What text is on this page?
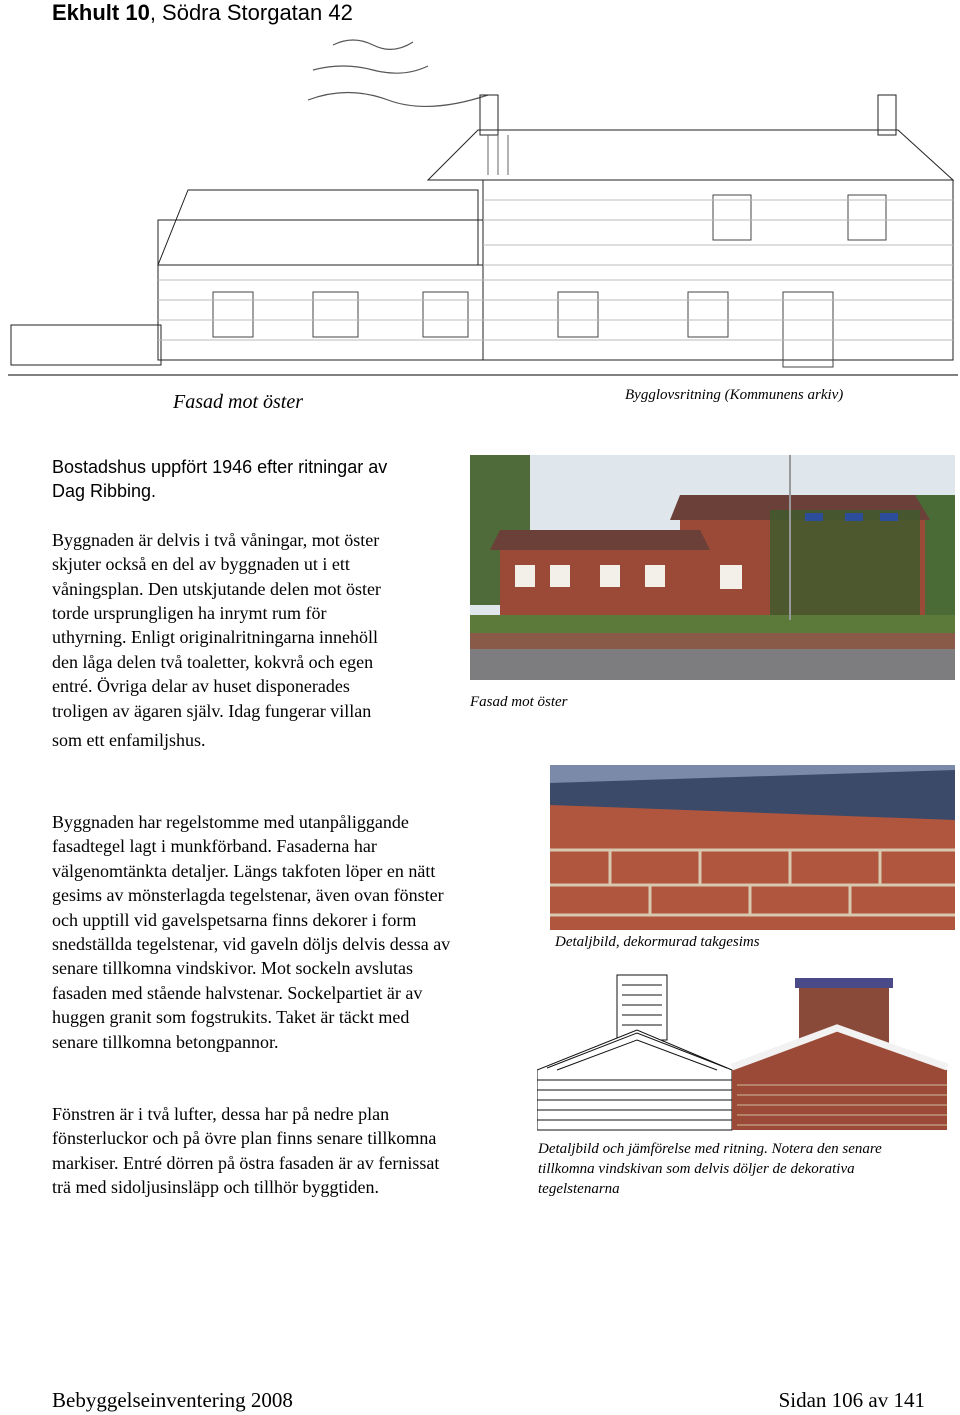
Ekhult 10, Södra Storgatan 42
Fasad mot öster	Bygglovsritning (Kommunens arkiv)
Bostadshus uppfört 1946 efter ritningar av
Dag Ribbing.
Byggnaden är delvis i två våningar, mot öster
skjuter också en del av byggnaden ut i ett
våningsplan. Den utskjutande delen mot öster
torde ursprungligen ha inrymt rum för
uthyrning. Enligt originalritningarna innehöll
den låga delen två toaletter, kokvrå och egen
entré. Övriga delar av huset disponerades
troligen av ägaren själv. Idag fungerar villan
som ett enfamiljshus.
Fasad mot öster
Byggnaden har regelstomme med utanpåliggande
fasadtegel lagt i munkförband. Fasaderna har
välgenomtänkta detaljer. Längs takfoten löper en nätt
gesims av mönsterlagda tegelstenar, även ovan fönster
och upptill vid gavelspetsarna finns dekorer i form
snedställda tegelstenar, vid gaveln döljs delvis dessa av
senare tillkomna vindskivor. Mot sockeln avslutas
fasaden med stående halvstenar. Sockelpartiet är av
huggen granit som fogstrukits. Taket är täckt med
senare tillkomna betongpannor.
Detaljbild, dekormurad takgesims
Detaljbild och jämförelse med ritning. Notera den senare
tillkomna vindskivan som delvis döljer de dekorativa
tegelstenarna
Fönstren är i två lufter, dessa har på nedre plan
fönsterluckor och på övre plan finns senare tillkomna
markiser. Entré dörren på östra fasaden är av fernissat
trä med sidoljusinsläpp och tillhör byggtiden.
Bebyggelseinventering 2008	Sidan 106 av 141
